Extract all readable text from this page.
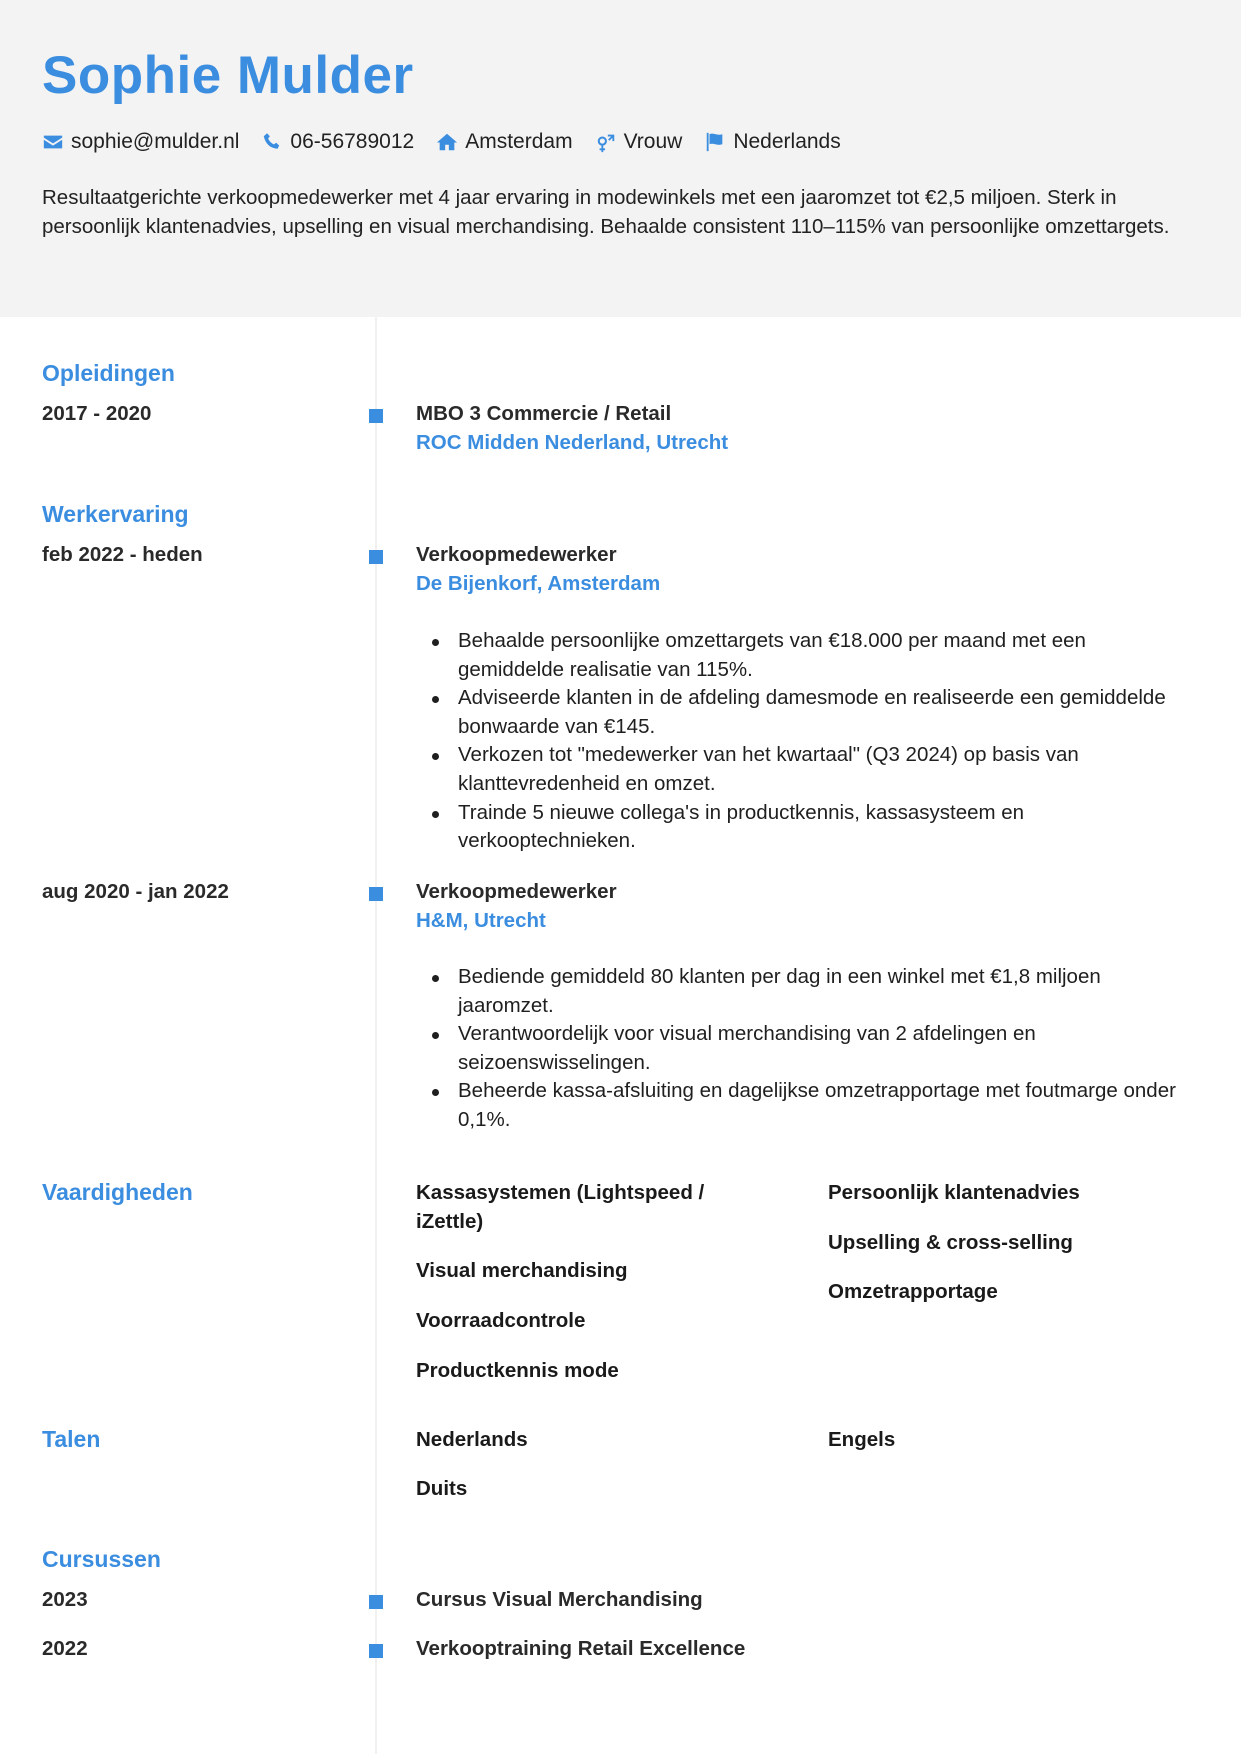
Sophie Mulder
sophie@mulder.nl 06-56789012 Amsterdam Vrouw Nederlands
Resultaatgerichte verkoopmedewerker met 4 jaar ervaring in modewinkels met een jaaromzet tot €2,5 miljoen. Sterk in persoonlijk klantenadvies, upselling en visual merchandising. Behaalde consistent 110–115% van persoonlijke omzettargets.
Opleidingen
2017 - 2020	MBO 3 Commercie / Retail
ROC Midden Nederland, Utrecht
Werkervaring
feb 2022 - heden	Verkoopmedewerker
De Bijenkorf, Amsterdam
Behaalde persoonlijke omzettargets van €18.000 per maand met een gemiddelde realisatie van 115%.
Adviseerde klanten in de afdeling damesmode en realiseerde een gemiddelde bonwaarde van €145.
Verkozen tot "medewerker van het kwartaal" (Q3 2024) op basis van klanttevredenheid en omzet.
Trainde 5 nieuwe collega's in productkennis, kassasysteem en verkooptechnieken.
aug 2020 - jan 2022	Verkoopmedewerker
H&M, Utrecht
Bediende gemiddeld 80 klanten per dag in een winkel met €1,8 miljoen jaaromzet.
Verantwoordelijk voor visual merchandising van 2 afdelingen en seizoenswisselingen.
Beheerde kassa-afsluiting en dagelijkse omzetrapportage met foutmarge onder 0,1%.
Vaardigheden	Kassasystemen (Lightspeed / iZettle)
Visual merchandising
Voorraadcontrole
Productkennis mode
Persoonlijk klantenadvies
Upselling & cross-selling
Omzetrapportage
Talen	Nederlands
Duits
Engels
Cursussen
2023	Cursus Visual Merchandising
2022	Verkooptraining Retail Excellence
